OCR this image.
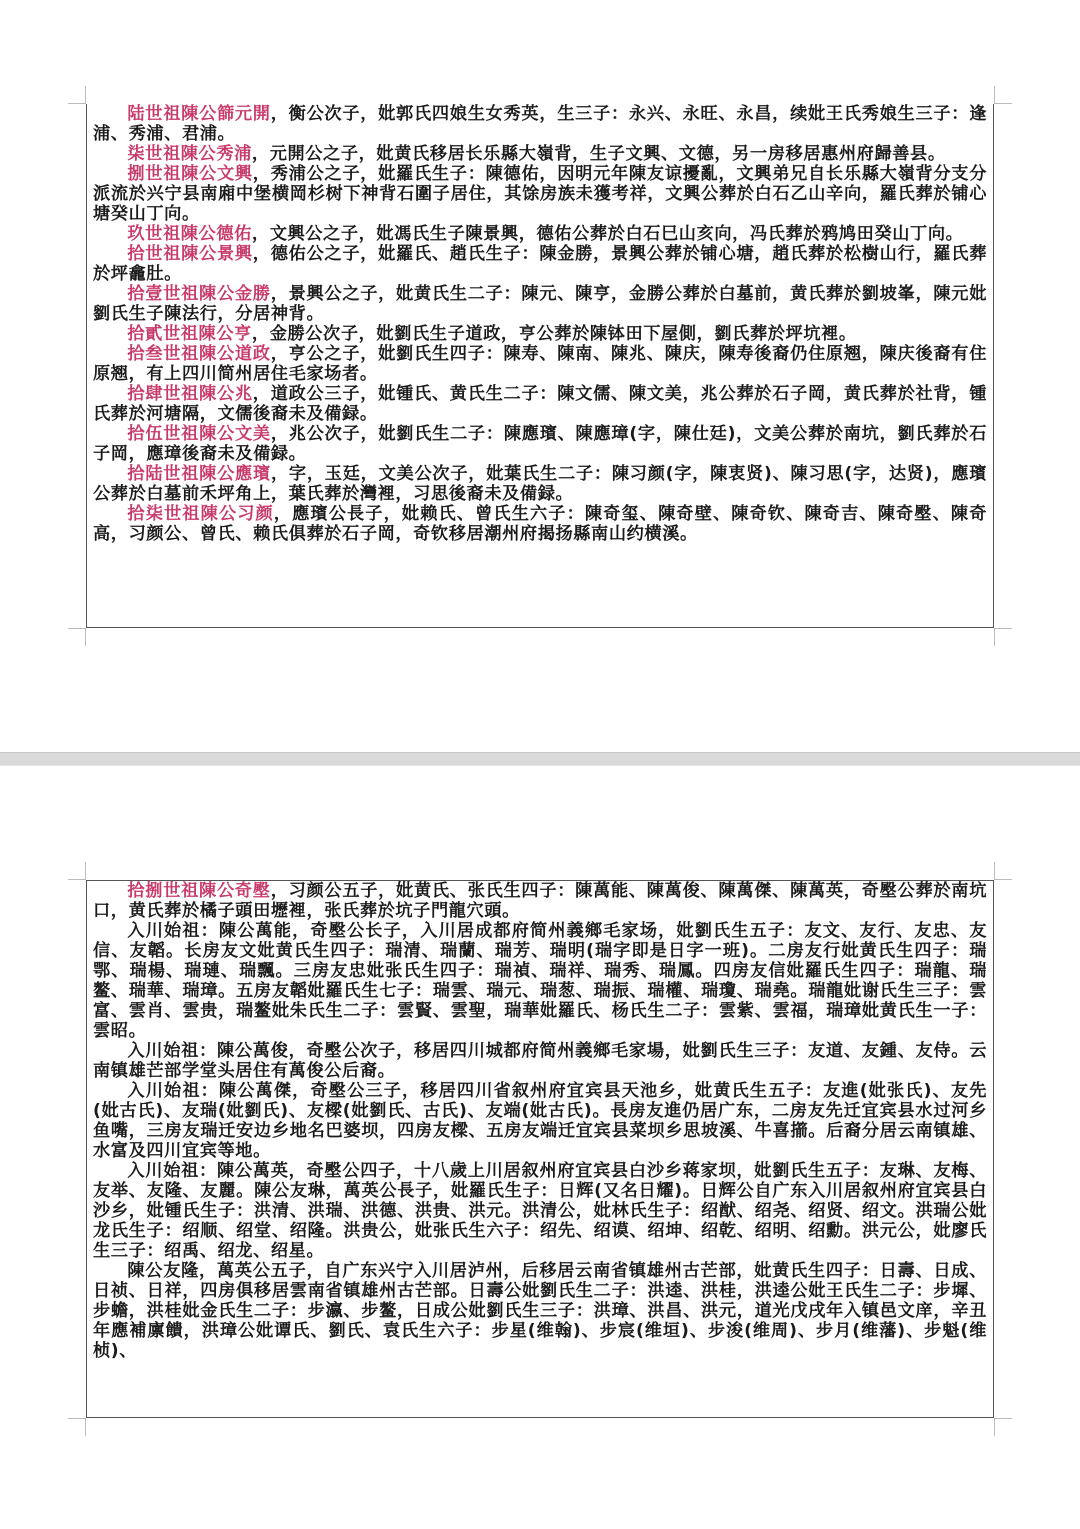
陆世祖陳公篩元開，衡公次子，妣郭氏四娘生女秀英，生三子：永兴、永旺、永昌，续妣王氏秀娘生三子：逢浦、秀浦、君浦。

柒世祖陳公秀浦，元開公之子，妣黄氏移居长乐縣大嶺背，生子文興、文德，另一房移居惠州府歸善县。

捌世祖陳公文興，秀浦公之子，妣羅氏生子：陳德佑，因明元年陳友谅擾亂，文興弟兄自长乐縣大嶺背分支分派流於兴宁县南廂中堡横岡杉树下神背石圍子居住，其馀房族未獲考祥，文興公葬於白石乙山辛向，羅氏葬於铺心塘癸山丁向。

玖世祖陳公德佑，文興公之子，妣馮氏生子陳景興，德佑公葬於白石巳山亥向，冯氏葬於鸦鸠田癸山丁向。

拾世祖陳公景興，德佑公之子，妣羅氏、趙氏生子：陳金勝，景興公葬於铺心塘，趙氏葬於松樹山行，羅氏葬於坪龕肚。

拾壹世祖陳公金勝，景興公之子，妣黄氏生二子：陳元、陳亨，金勝公葬於白墓前，黄氏葬於劉坡峯，陳元妣劉氏生子陳法行，分居神背。

拾貳世祖陳公亨，金勝公次子，妣劉氏生子道政，亨公葬於陳钵田下屋側，劉氏葬於坪坑裡。

拾叁世祖陳公道政，亨公之子，妣劉氏生四子：陳寿、陳南、陳兆、陳庆，陳寿後裔仍住原翘，陳庆後裔有住原翘，有上四川简州居住毛家场者。

拾肆世祖陳公兆，道政公三子，妣锺氏、黄氏生二子：陳文儒、陳文美，兆公葬於石子岡，黄氏葬於社背，锺氏葬於河塘隔，文儒後裔未及備録。

拾伍世祖陳公文美，兆公次子，妣劉氏生二子：陳應璸、陳應璋(字，陳仕廷)，文美公葬於南坑，劉氏葬於石子岡，應璋後裔未及備録。

拾陆世祖陳公應璸，字，玉廷，文美公次子，妣葉氏生二子：陳习颜(字，陳衷贤)、陳习思(字，达贤)，應璸公葬於白墓前禾坪角上，葉氏葬於灣裡，习思後裔未及備録。

拾柒世祖陳公习颜，應璸公長子，妣赖氏、曾氏生六子：陳奇玺、陳奇壁、陳奇钦、陳奇吉、陳奇壂、陳奇高，习颜公、曾氏、赖氏俱葬於石子岡，奇钦移居潮州府揭扬縣南山约横溪。

拾捌世祖陳公奇壂，习颜公五子，妣黄氏、张氏生四子：陳萬能、陳萬俊、陳萬傑、陳萬英，奇壂公葬於南坑口，黄氏葬於橘子頭田壢裡，张氏葬於坑子門龍穴頭。

入川始祖：陳公萬能，奇壂公长子，入川居成都府简州義鄉毛家场，妣劉氏生五子：友文、友行、友忠、友信、友韜。长房友文妣黄氏生四子：瑞清、瑞蘭、瑞芳、瑞明(瑞字即是日字一班)。二房友行妣黄氏生四子：瑞鄂、瑞楊、瑞璉、瑞飄。三房友忠妣张氏生四子：瑞禎、瑞祥、瑞秀、瑞鳳。四房友信妣羅氏生四子：瑞龍、瑞鳌、瑞華、瑞璋。五房友韜妣羅氏生七子：瑞雲、瑞元、瑞葱、瑞振、瑞權、瑞瓊、瑞堯。瑞龍妣谢氏生三子：雲富、雲肖、雲贵，瑞鳌妣朱氏生二子：雲賢、雲聖，瑞華妣羅氏、杨氏生二子：雲紫、雲福，瑞璋妣黄氏生一子：雲昭。

入川始祖：陳公萬俊，奇壂公次子，移居四川城都府简州義鄉毛家場，妣劉氏生三子：友道、友鍾、友侍。云南镇雄芒部学堂头居住有萬俊公后裔。

入川始祖：陳公萬傑，奇壂公三子，移居四川省叙州府宜宾县天池乡，妣黄氏生五子：友進(妣张氏)、友先(妣古氏)、友瑞(妣劉氏)、友樑(妣劉氏、古氏)、友端(妣古氏)。長房友進仍居广东，二房友先迁宜宾县水过河乡鱼嘴，三房友瑞迁安边乡地名巴婆坝，四房友樑、五房友端迁宜宾县菜坝乡思坡溪、牛喜擶。后裔分居云南镇雄、水富及四川宜宾等地。

入川始祖：陳公萬英，奇壂公四子，十八歲上川居叙州府宜宾县白沙乡蒋家坝，妣劉氏生五子：友琳、友梅、友举、友隆、友麗。陳公友琳，萬英公長子，妣羅氏生子：日辉(又名日耀)。日辉公自广东入川居叙州府宜宾县白沙乡，妣锺氏生子：洪清、洪瑞、洪德、洪贵、洪元。洪清公，妣林氏生子：绍猷、绍尧、绍贤、绍文。洪瑞公妣龙氏生子：绍顺、绍堂、绍隆。洪贵公，妣张氏生六子：绍先、绍谟、绍坤、绍乾、绍明、绍勳。洪元公，妣廖氏生三子：绍禹、绍龙、绍星。

陳公友隆，萬英公五子，自广东兴宁入川居泸州，后移居云南省镇雄州古芒部，妣黄氏生四子：日壽、日成、日祯、日祥，四房俱移居雲南省镇雄州古芒部。日壽公妣劉氏生二子：洪逵、洪桂，洪逵公妣王氏生二子：步墀、步蟾，洪桂妣金氏生二子：步瀛、步鳌，日成公妣劉氏生三子：洪璋、洪昌、洪元，道光戊戌年入镇邑文庠，辛丑年應補廪饋，洪璋公妣谭氏、劉氏、袁氏生六子：步星(维翰)、步宸(维垣)、步浚(维周)、步月(维藩)、步魁(维桢)、
